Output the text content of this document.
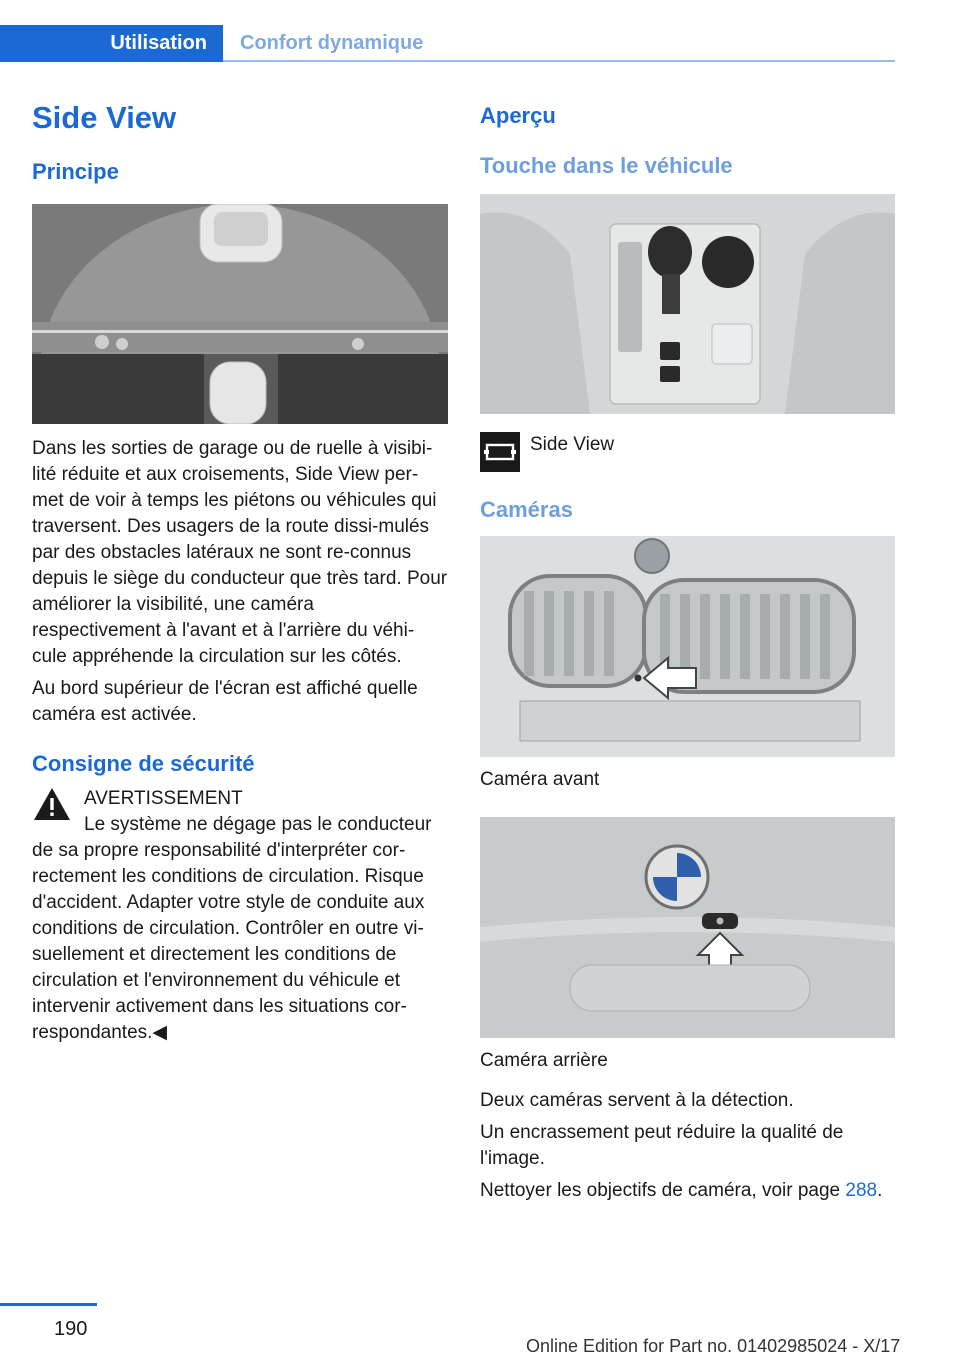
Utilisation	Confort dynamique
Side View
Principe

Dans les sorties de garage ou de ruelle à visibi-lité réduite et aux croisements, Side View per-met de voir à temps les piétons ou véhicules qui traversent. Des usagers de la route dissi-mulés par des obstacles latéraux ne sont re-connus depuis le siège du conducteur que très tard. Pour améliorer la visibilité, une caméra respectivement à l'avant et à l'arrière du véhi-cule appréhende la circulation sur les côtés.

Au bord supérieur de l'écran est affiché quelle caméra est activée.

Consigne de sécurité

AVERTISSEMENT

Le système ne dégage pas le conducteur de sa propre responsabilité d'interpréter cor-rectement les conditions de circulation. Risque d'accident. Adapter votre style de conduite aux conditions de circulation. Contrôler en outre vi-suellement et directement les conditions de circulation et l'environnement du véhicule et intervenir activement dans les situations cor-respondantes.◀

Aperçu
Touche dans le véhicule
Side View
Caméras
Caméra avant
Caméra arrière

Deux caméras servent à la détection.

Un encrassement peut réduire la qualité de l'image.

Nettoyer les objectifs de caméra, voir page 288.

190
Online Edition for Part no. 01402985024 - X/17
